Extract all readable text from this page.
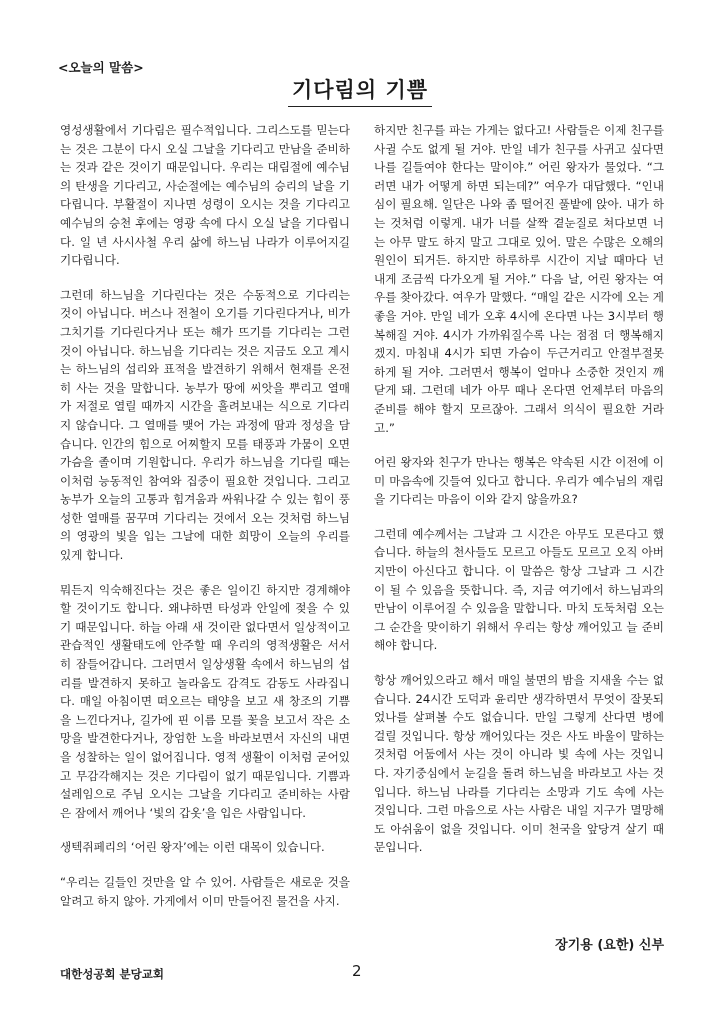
<오늘의 말씀>
기다림의 기쁨

영성생활에서 기다림은 필수적입니다. 그리스도를 믿는다는 것은 그분이 다시 오실 그날을 기다리고 만남을 준비하는 것과 같은 것이기 때문입니다. 우리는 대림절에 예수님의 탄생을 기다리고, 사순절에는 예수님의 승리의 날을 기다립니다. 부활절이 지나면 성령이 오시는 것을 기다리고 예수님의 승천 후에는 영광 속에 다시 오실 날을 기다립니다. 일 년 사시사철 우리 삶에 하느님 나라가 이루어지길 기다립니다.

그런데 하느님을 기다린다는 것은 수동적으로 기다리는 것이 아닙니다. 버스나 전철이 오기를 기다린다거나, 비가 그치기를 기다린다거나 또는 해가 뜨기를 기다리는 그런 것이 아닙니다. 하느님을 기다리는 것은 지금도 오고 계시는 하느님의 섭리와 표적을 발견하기 위해서 현재를 온전히 사는 것을 말합니다. 농부가 땅에 씨앗을 뿌리고 열매가 저절로 열릴 때까지 시간을 흘려보내는 식으로 기다리지 않습니다. 그 열매를 맺어 가는 과정에 땀과 정성을 담습니다. 인간의 힘으로 어찌할지 모를 태풍과 가뭄이 오면 가슴을 졸이며 기원합니다. 우리가 하느님을 기다릴 때는 이처럼 능동적인 참여와 집중이 필요한 것입니다. 그리고 농부가 오늘의 고통과 힘겨움과 싸워나갈 수 있는 힘이 풍성한 열매를 꿈꾸며 기다리는 것에서 오는 것처럼 하느님의 영광의 빛을 입는 그날에 대한 희망이 오늘의 우리를 있게 합니다.

뭐든지 익숙해진다는 것은 좋은 일이긴 하지만 경계해야 할 것이기도 합니다. 왜냐하면 타성과 안일에 젖을 수 있기 때문입니다. 하늘 아래 새 것이란 없다면서 일상적이고 관습적인 생활태도에 안주할 때 우리의 영적생활은 서서히 잠들어갑니다. 그러면서 일상생활 속에서 하느님의 섭리를 발견하지 못하고 놀라움도 감격도 감동도 사라집니다. 매일 아침이면 떠오르는 태양을 보고 새 창조의 기쁨을 느낀다거나, 길가에 핀 이름 모를 꽃을 보고서 작은 소망을 발견한다거나, 장엄한 노을 바라보면서 자신의 내면을 성찰하는 일이 없어집니다. 영적 생활이 이처럼 굳어있고 무감각해지는 것은 기다림이 없기 때문입니다. 기쁨과 설레임으로 주님 오시는 그날을 기다리고 준비하는 사람은 잠에서 깨어나 ‘빛의 갑옷’을 입은 사람입니다.

생텍쥐페리의 ‘어린 왕자’에는 이런 대목이 있습니다.

“우리는 길들인 것만을 알 수 있어. 사람들은 새로운 것을 알려고 하지 않아. 가게에서 이미 만들어진 물건을 사지.

하지만 친구를 파는 가게는 없다고! 사람들은 이제 친구를 사귈 수도 없게 될 거야. 만일 네가 친구를 사귀고 싶다면 나를 길들여야 한다는 말이야.” 어린 왕자가 물었다. “그러면 내가 어떻게 하면 되는데?” 여우가 대답했다. “인내심이 필요해. 일단은 나와 좀 떨어진 풀밭에 앉아. 내가 하는 것처럼 이렇게. 내가 너를 살짝 곁눈질로 쳐다보면 너는 아무 말도 하지 말고 그대로 있어. 말은 수많은 오해의 원인이 되거든. 하지만 하루하루 시간이 지날 때마다 넌 내게 조금씩 다가오게 될 거야.” 다음 날, 어린 왕자는 여우를 찾아갔다. 여우가 말했다. “매일 같은 시각에 오는 게 좋을 거야. 만일 네가 오후 4시에 온다면 나는 3시부터 행복해질 거야. 4시가 가까워질수록 나는 점점 더 행복해지겠지. 마침내 4시가 되면 가슴이 두근거리고 안절부절못하게 될 거야. 그러면서 행복이 얼마나 소중한 것인지 깨닫게 돼. 그런데 네가 아무 때나 온다면 언제부터 마음의 준비를 해야 할지 모르잖아. 그래서 의식이 필요한 거라고.”

어린 왕자와 친구가 만나는 행복은 약속된 시간 이전에 이미 마음속에 깃들여 있다고 합니다. 우리가 예수님의 재림을 기다리는 마음이 이와 같지 않을까요?

그런데 예수께서는 그날과 그 시간은 아무도 모른다고 했습니다. 하늘의 천사들도 모르고 아들도 모르고 오직 아버지만이 아신다고 합니다. 이 말씀은 항상 그날과 그 시간이 될 수 있음을 뜻합니다. 즉, 지금 여기에서 하느님과의 만남이 이루어질 수 있음을 말합니다. 마치 도둑처럼 오는 그 순간을 맞이하기 위해서 우리는 항상 깨어있고 늘 준비해야 합니다.

항상 깨어있으라고 해서 매일 불면의 밤을 지새울 수는 없습니다. 24시간 도덕과 윤리만 생각하면서 무엇이 잘못되었나를 살펴볼 수도 없습니다. 만일 그렇게 산다면 병에 걸릴 것입니다. 항상 깨어있다는 것은 사도 바울이 말하는 것처럼 어둠에서 사는 것이 아니라 빛 속에 사는 것입니다. 자기중심에서 눈길을 돌려 하느님을 바라보고 사는 것입니다. 하느님 나라를 기다리는 소망과 기도 속에 사는 것입니다. 그런 마음으로 사는 사람은 내일 지구가 멸망해도 아쉬움이 없을 것입니다. 이미 천국을 앞당겨 살기 때문입니다.

장기용 (요한) 신부
대한성공회 분당교회	2
